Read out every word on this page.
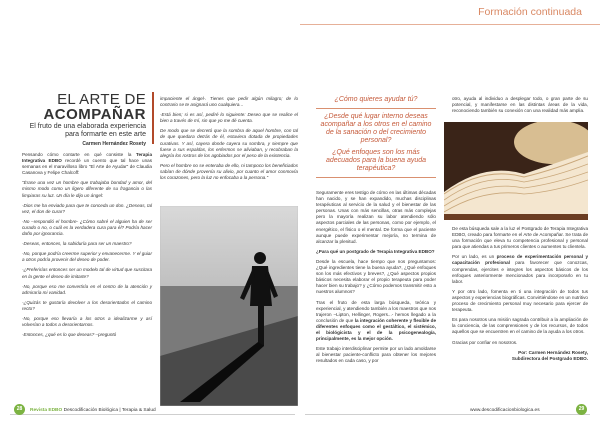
Formación continuada
EL ARTE DE
ACOMPAÑAR
El fruto de una elaborada experiencia para formarte en este arte
Carmen Hernández Rosety

Pensando cómo contarte en qué consiste la Terapia Integrativa EDBO recordé un cuento que tal hace unas semanas en el maravilloso libro "El Arte de Ayudar" de Claudia Casanova y Felipe Chalcoff:

"Érase una vez un hombre que trabajaba bondad y amor, del mismo modo como un ligero diferente de su fragancia o las limpiaras su luz. Un día le dijo un ángel:

-Dios me ha enviado para que te conceda un don. ¿Deseas, tal vez, el don de curar?

-No –respondió el hombre- ¿Cómo sabré el alguien ha de ser curado o no, o cuál es la verdadera cura para él? Podría hacer daño por ignorancia.

-Deseas, entonces, la sabiduría para ser un maestro?

-No, porque podría creerme superior y envanecerme. Y el guiar a otros podría provenir del deseo de poder.

-¿Preferirías entonces ser un modelo tal de virtud que suscitara en la gente el deseo de imitarte?

-No, porque eso me convertiría en el centro de la atención y admiraría mi vanidad.

-¿Quizás te gustaría devolver a los desorientados el camino recto?

-No, porque eso llevaría a los otros a idealizarme y así volverían a todos a desorientarnos.

-Entonces, ¿qué es lo que deseas? –preguntó

impaciente el ángel-. Tienes que pedir algún milagro; de lo contrario se te asignará uno cualquiera...

-Está bien; si es así, pediré lo siguiente: Deseo que se realice el bien a través de mí, sin que yo me dé cuenta.

De modo que se decretó que la sombra de aquel hombre, con tal de que quedara detrás de él, estuviera dotada de propiedades curativas. Y así, cayera donde cayera su sombra, y siempre que fuese a sus espaldas, los enfermos se aliviaban, y recobraban la alegría los rostros de los agobiados por el peso de la existencia.

Pero el hombre no se enteraba de ello, ni tampoco los beneficiados sabían de dónde provenía su alivio, por cuanto el amor conmovía los corazones, pero la luz no enfocaba a la persona."

¿Cómo quieres ayudar tú?

¿Desde qué lugar interno deseas acompañar a los otros en el camino de la sanación o del crecimiento personal?

¿Qué enfoques son los más adecuados para la buena ayuda terapéutica?

Seguramente eres testigo de cómo en las últimas décadas han nacido, y se han expandido, muchas disciplinas terapéuticas al servicio de la salud y el bienestar de las personas. Unas con más sencillas, otras más complejas pero la mayoría realizan su labor atendiendo sólo aspectos parciales de las personas, como por ejemplo, el energético, el físico o el mental. De forma que el paciente aunque puede experimentar mejoría, no termina de alcanzar la plenitud.

¿Para qué un postgrado de Terapia Integrativa EDBO?

Desde la escuela, hace tiempo que nos preguntamos: ¿Qué ingredientes tiene la buena ayuda?, ¿Qué enfoques son los más efectivos y breves?, ¿Qué aspectos propios básicos necesita elaborar el propio terapeuta para poder hacer bien su trabajo? y ¿Cómo podemos transmitir esto a nuestros alumnos?

Tras el fruto de esta larga búsqueda, teórica y experiencial, y atendiendo también a los maestros que nos trajeron –Lipton, Hellinger, Rogers...- hemos llegado a la conclusión de que la integración coherente y flexible de diferentes enfoques como el gestáltico, el sistémico, el biológicista y el de la psicogenealogía, principalmente, es la mejor opción.

Este trabajo interdisciplinar permite por un lado amoldarse al bienestar paciente-conflicto para obtener los mejores resultados en cada caso, y por

otro, ayuda al individuo a desplegar todo, o gran parte de su potencial, y manifestarse en las distintas áreas de la vida, reconociendo también su conexión con una realidad más amplia.

De esta búsqueda sale a la luz el Postgrado de Terapia Integrativa EDBO, creado para formarte en el Arte de Acompañar. Se trata de una formación que eleva tu competencia profesional y personal para que atiendas a tus primeros clientes o aumentes tu clientela.

Por un lado, es un proceso de experimentación personal y capacitación profesional para favorecer que conozcas, comprendas, ejercites e integres los aspectos básicos de los enfoques anteriormente mencionados para incorporarlo en tu labor.

Y por otro lado, fomenta en ti una integración de todos tus aspectos y experiencias biográficas. Convirtiéndose en un nutritivo proceso de crecimiento personal muy necesario para ejercer de terapeuta.

Es para nosotros una misión sagrada contribuir a la ampliación de la conciencia, de las comprensiones y de los recursos, de todos aquellos que se encuentren en el camino de la ayuda a los otros.

Gracias por confiar en nosotros.

Por: Carmen Hernández Rosety,
Subdirectora del Postgrado EDBO.
28	Revista EDBO Descodificación Biológica | Terapia & Salud	www.descodificacionbiologica.es	29
